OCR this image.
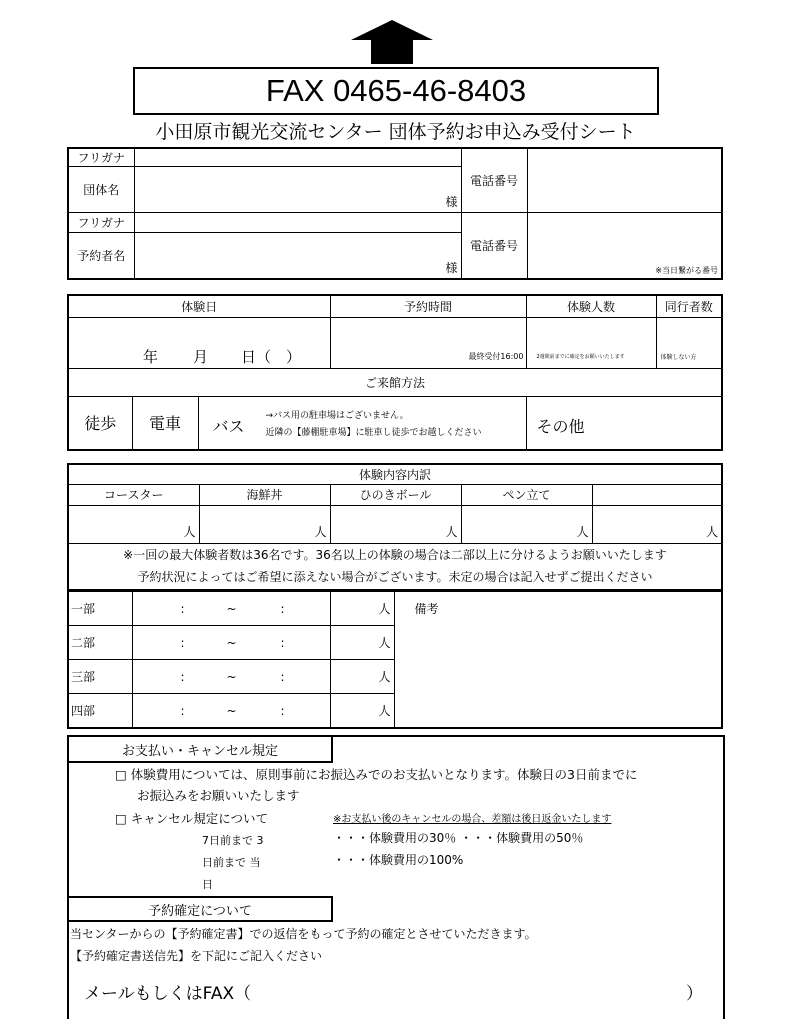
FAX 0465-46-8403
小田原市観光交流センター 団体予約お申込み受付シート
フリガナ		電話番号	
団体名	様		

フリガナ		電話番号	※当日繋がる番号

予約者名	様		
体験日			予約時間	体験人数	同行者数

年 月 日（　）			最終受付16:00	2週間前までに確定をお願いいたします	体験しない方

ご来館方法					
徒歩	電車	バス
→バス用の駐車場はございません。
近隣の【藤棚駐車場】に駐車し徒歩でお越しください		その他	
体験内容内訳				
コースター	海鮮丼	ひのきボール	ペン立て	
人	人	人	人	人

※一回の最大体験者数は36名です。36名以上の体験の場合は二部以上に分けるようお願いいたします
予約状況によってはご希望に添えない場合がございます。未定の場合は記入せずご提出ください				
一部	: ~ :	人	備考
二部	: ~ :	人	
三部	: ~ :	人	
四部	: ~ :	人	
お支払い・キャンセル規定
□ 体験費用については、原則事前にお振込みでのお支払いとなります。体験日の3日前までに
お振込みをお願いいたします
□ キャンセル規定について	※お支払い後のキャンセルの場合、差額は後日返金いたします
7日前まで 3	・・・体験費用の30％ ・・・体験費用の50％
日前まで 当	・・・体験費用の100%
日
予約確定について
当センターからの【予約確定書】での返信をもって予約の確定とさせていただきます。
【予約確定書送信先】を下記にご記入ください
メールもしくはFAX（	）
